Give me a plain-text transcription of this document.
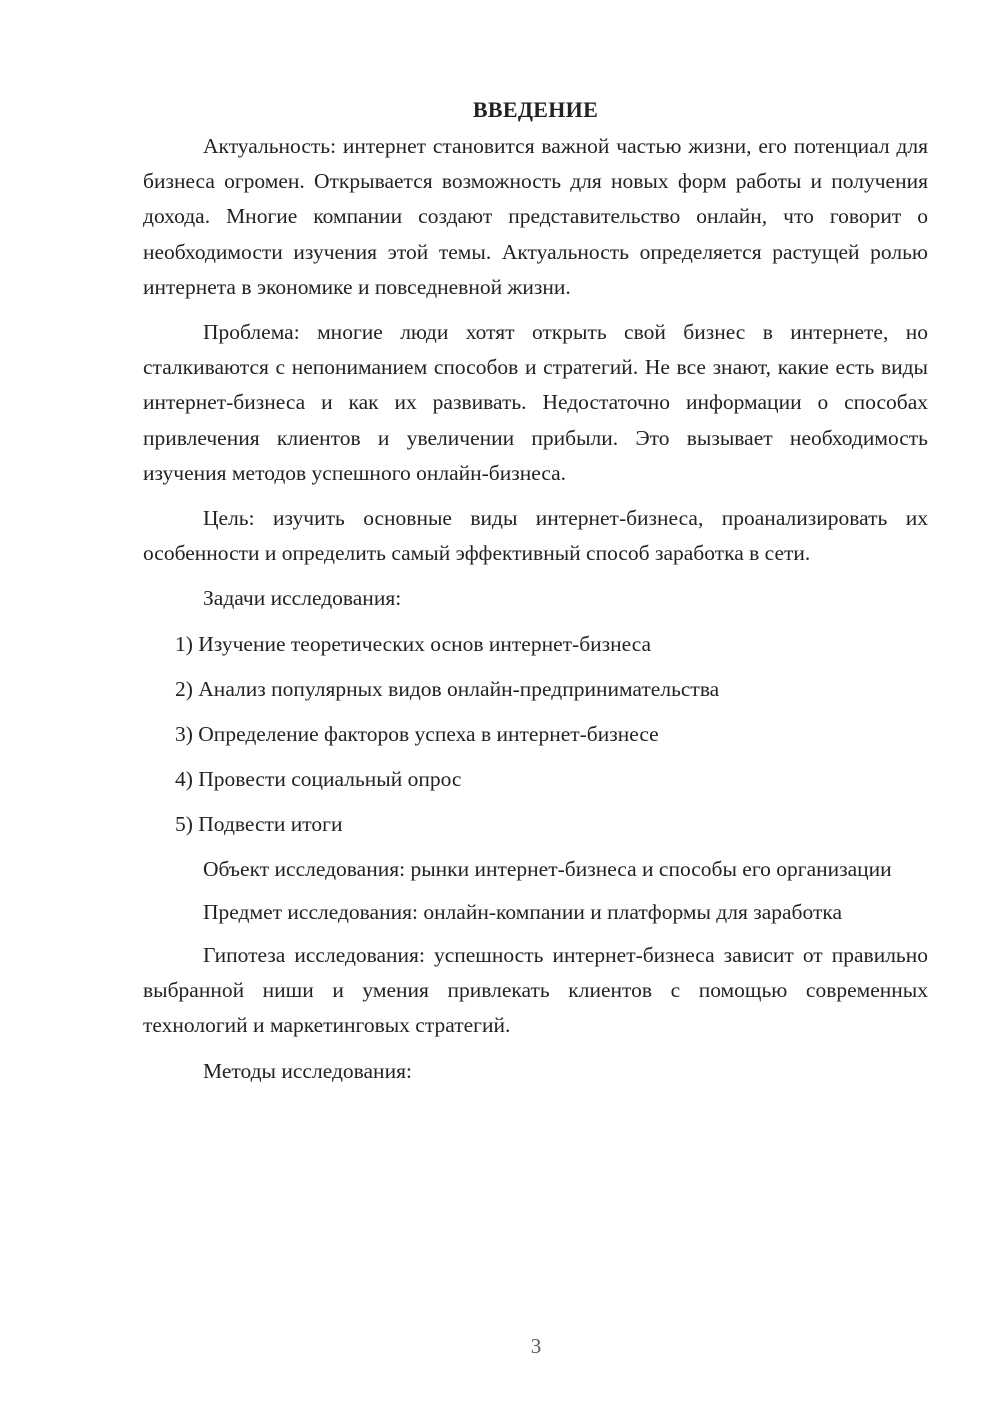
ВВЕДЕНИЕ

Актуальность: интернет становится важной частью жизни, его потенциал для бизнеса огромен. Открывается возможность для новых форм работы и получения дохода. Многие компании создают представительство онлайн, что говорит о необходимости изучения этой темы. Актуальность определяется растущей ролью интернета в экономике и повседневной жизни.

Проблема: многие люди хотят открыть свой бизнес в интернете, но сталкиваются с непониманием способов и стратегий. Не все знают, какие есть виды интернет-бизнеса и как их развивать. Недостаточно информации о способах привлечения клиентов и увеличении прибыли. Это вызывает необходимость изучения методов успешного онлайн-бизнеса.

Цель: изучить основные виды интернет-бизнеса, проанализировать их особенности и определить самый эффективный способ заработка в сети.

Задачи исследования:

1) Изучение теоретических основ интернет-бизнеса
2) Анализ популярных видов онлайн-предпринимательства
3) Определение факторов успеха в интернет-бизнесе
4) Провести социальный опрос
5) Подвести итоги

Объект исследования: рынки интернет-бизнеса и способы его организации

Предмет исследования: онлайн-компании и платформы для заработка

Гипотеза исследования: успешность интернет-бизнеса зависит от правильно выбранной ниши и умения привлекать клиентов с помощью современных технологий и маркетинговых стратегий.

Методы исследования:

3
